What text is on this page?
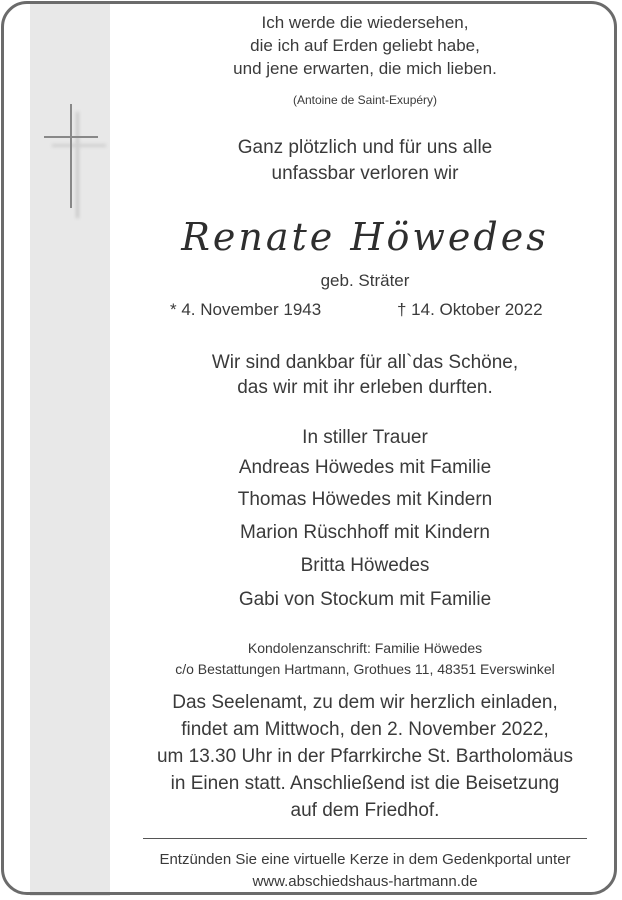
Ich werde die wiedersehen,
die ich auf Erden geliebt habe,
und jene erwarten, die mich lieben.
(Antoine de Saint-Exupéry)
Ganz plötzlich und für uns alle
unfassbar verloren wir
Renate Höwedes
geb. Sträter
* 4. November 1943	† 14. Oktober 2022
Wir sind dankbar für all`das Schöne,
das wir mit ihr erleben durften.
In stiller Trauer
Andreas Höwedes mit Familie
Thomas Höwedes mit Kindern
Marion Rüschhoff mit Kindern
Britta Höwedes
Gabi von Stockum mit Familie
Kondolenzanschrift: Familie Höwedes
c/o Bestattungen Hartmann, Grothues 11, 48351 Everswinkel
Das Seelenamt, zu dem wir herzlich einladen,
findet am Mittwoch, den 2. November 2022,
um 13.30 Uhr in der Pfarrkirche St. Bartholomäus
in Einen statt. Anschließend ist die Beisetzung
auf dem Friedhof.
Entzünden Sie eine virtuelle Kerze in dem Gedenkportal unter
www.abschiedshaus-hartmann.de
